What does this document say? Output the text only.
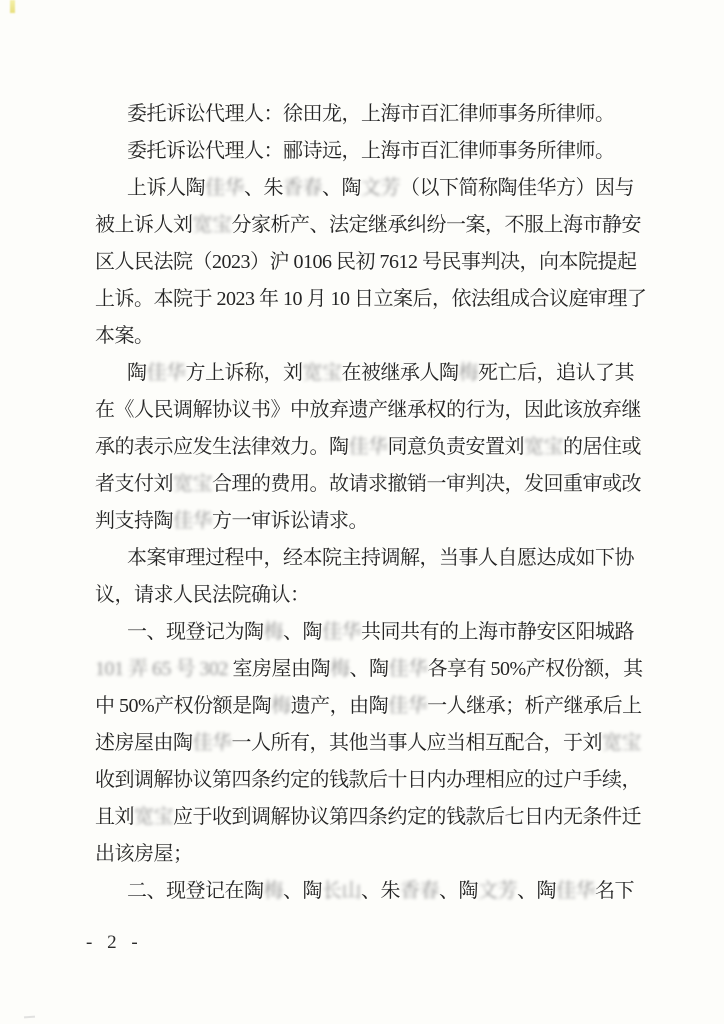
委托诉讼代理人：徐田龙，上海市百汇律师事务所律师。
委托诉讼代理人：郦诗远，上海市百汇律师事务所律师。
上诉人陶佳华、朱香春、陶文芳（以下简称陶佳华方）因与
被上诉人刘宽宝分家析产、法定继承纠纷一案，不服上海市静安
区人民法院（2023）沪 0106 民初 7612 号民事判决，向本院提起
上诉。本院于 2023 年 10 月 10 日立案后，依法组成合议庭审理了
本案。
陶佳华方上诉称，刘宽宝在被继承人陶梅死亡后，追认了其
在《人民调解协议书》中放弃遗产继承权的行为，因此该放弃继
承的表示应发生法律效力。陶佳华同意负责安置刘宽宝的居住或
者支付刘宽宝合理的费用。故请求撤销一审判决，发回重审或改
判支持陶佳华方一审诉讼请求。
本案审理过程中，经本院主持调解，当事人自愿达成如下协
议，请求人民法院确认：
一、现登记为陶梅、陶佳华共同共有的上海市静安区阳城路
101 弄 65 号 302 室房屋由陶梅、陶佳华各享有 50%产权份额，其
中 50%产权份额是陶梅遗产，由陶佳华一人继承；析产继承后上
述房屋由陶佳华一人所有，其他当事人应当相互配合，于刘宽宝
收到调解协议第四条约定的钱款后十日内办理相应的过户手续，
且刘宽宝应于收到调解协议第四条约定的钱款后七日内无条件迁
出该房屋；
二、现登记在陶梅、陶长山、朱香春、陶文芳、陶佳华名下
- 2 -
